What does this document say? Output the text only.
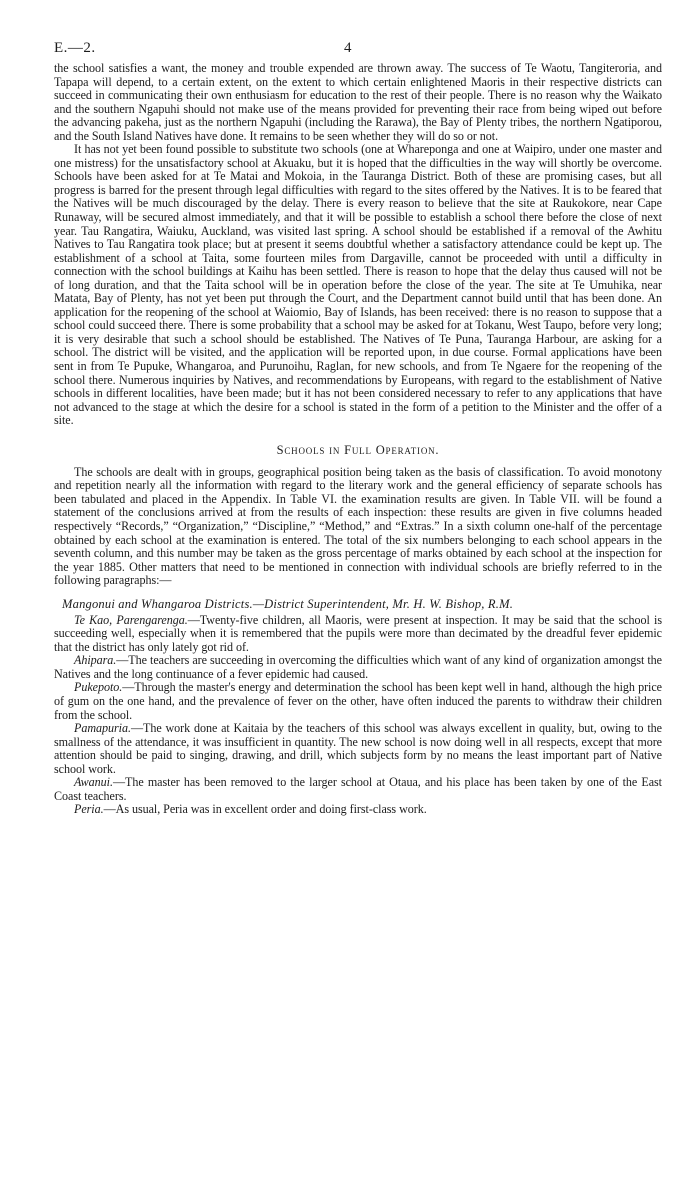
E.—2.	4

the school satisfies a want, the money and trouble expended are thrown away. The success of Te Waotu, Tangiteroria, and Tapapa will depend, to a certain extent, on the extent to which certain enlightened Maoris in their respective districts can succeed in communicating their own enthusiasm for education to the rest of their people. There is no reason why the Waikato and the southern Ngapuhi should not make use of the means provided for preventing their race from being wiped out before the advancing pakeha, just as the northern Ngapuhi (including the Rarawa), the Bay of Plenty tribes, the northern Ngatiporou, and the South Island Natives have done. It remains to be seen whether they will do so or not.

It has not yet been found possible to substitute two schools (one at Whareponga and one at Waipiro, under one master and one mistress) for the unsatisfactory school at Akuaku, but it is hoped that the difficulties in the way will shortly be overcome. Schools have been asked for at Te Matai and Mokoia, in the Tauranga District. Both of these are promising cases, but all progress is barred for the present through legal difficulties with regard to the sites offered by the Natives. It is to be feared that the Natives will be much discouraged by the delay. There is every reason to believe that the site at Raukokore, near Cape Runaway, will be secured almost immediately, and that it will be possible to establish a school there before the close of next year. Tau Rangatira, Waiuku, Auckland, was visited last spring. A school should be established if a removal of the Awhitu Natives to Tau Rangatira took place; but at present it seems doubtful whether a satisfactory attendance could be kept up. The establishment of a school at Taita, some fourteen miles from Dargaville, cannot be proceeded with until a difficulty in connection with the school buildings at Kaihu has been settled. There is reason to hope that the delay thus caused will not be of long duration, and that the Taita school will be in operation before the close of the year. The site at Te Umuhika, near Matata, Bay of Plenty, has not yet been put through the Court, and the Department cannot build until that has been done. An application for the reopening of the school at Waiomio, Bay of Islands, has been received: there is no reason to suppose that a school could succeed there. There is some probability that a school may be asked for at Tokanu, West Taupo, before very long; it is very desirable that such a school should be established. The Natives of Te Puna, Tauranga Harbour, are asking for a school. The district will be visited, and the application will be reported upon, in due course. Formal applications have been sent in from Te Pupuke, Whangaroa, and Purunoihu, Raglan, for new schools, and from Te Ngaere for the reopening of the school there. Numerous inquiries by Natives, and recommendations by Europeans, with regard to the establishment of Native schools in different localities, have been made; but it has not been considered necessary to refer to any applications that have not advanced to the stage at which the desire for a school is stated in the form of a petition to the Minister and the offer of a site.

Schools in Full Operation.

The schools are dealt with in groups, geographical position being taken as the basis of classification. To avoid monotony and repetition nearly all the information with regard to the literary work and the general efficiency of separate schools has been tabulated and placed in the Appendix. In Table VI. the examination results are given. In Table VII. will be found a statement of the conclusions arrived at from the results of each inspection: these results are given in five columns headed respectively “Records,” “Organization,” “Discipline,” “Method,” and “Extras.” In a sixth column one-half of the percentage obtained by each school at the examination is entered. The total of the six numbers belonging to each school appears in the seventh column, and this number may be taken as the gross percentage of marks obtained by each school at the inspection for the year 1885. Other matters that need to be mentioned in connection with individual schools are briefly referred to in the following paragraphs:—

Mangonui and Whangaroa Districts.—District Superintendent, Mr. H. W. Bishop, R.M.

Te Kao, Parengarenga.—Twenty-five children, all Maoris, were present at inspection. It may be said that the school is succeeding well, especially when it is remembered that the pupils were more than decimated by the dreadful fever epidemic that the district has only lately got rid of.

Ahipara.—The teachers are succeeding in overcoming the difficulties which want of any kind of organization amongst the Natives and the long continuance of a fever epidemic had caused.

Pukepoto.—Through the master's energy and determination the school has been kept well in hand, although the high price of gum on the one hand, and the prevalence of fever on the other, have often induced the parents to withdraw their children from the school.

Pamapuria.—The work done at Kaitaia by the teachers of this school was always excellent in quality, but, owing to the smallness of the attendance, it was insufficient in quantity. The new school is now doing well in all respects, except that more attention should be paid to singing, drawing, and drill, which subjects form by no means the least important part of Native school work.

Awanui.—The master has been removed to the larger school at Otaua, and his place has been taken by one of the East Coast teachers.

Peria.—As usual, Peria was in excellent order and doing first-class work.
